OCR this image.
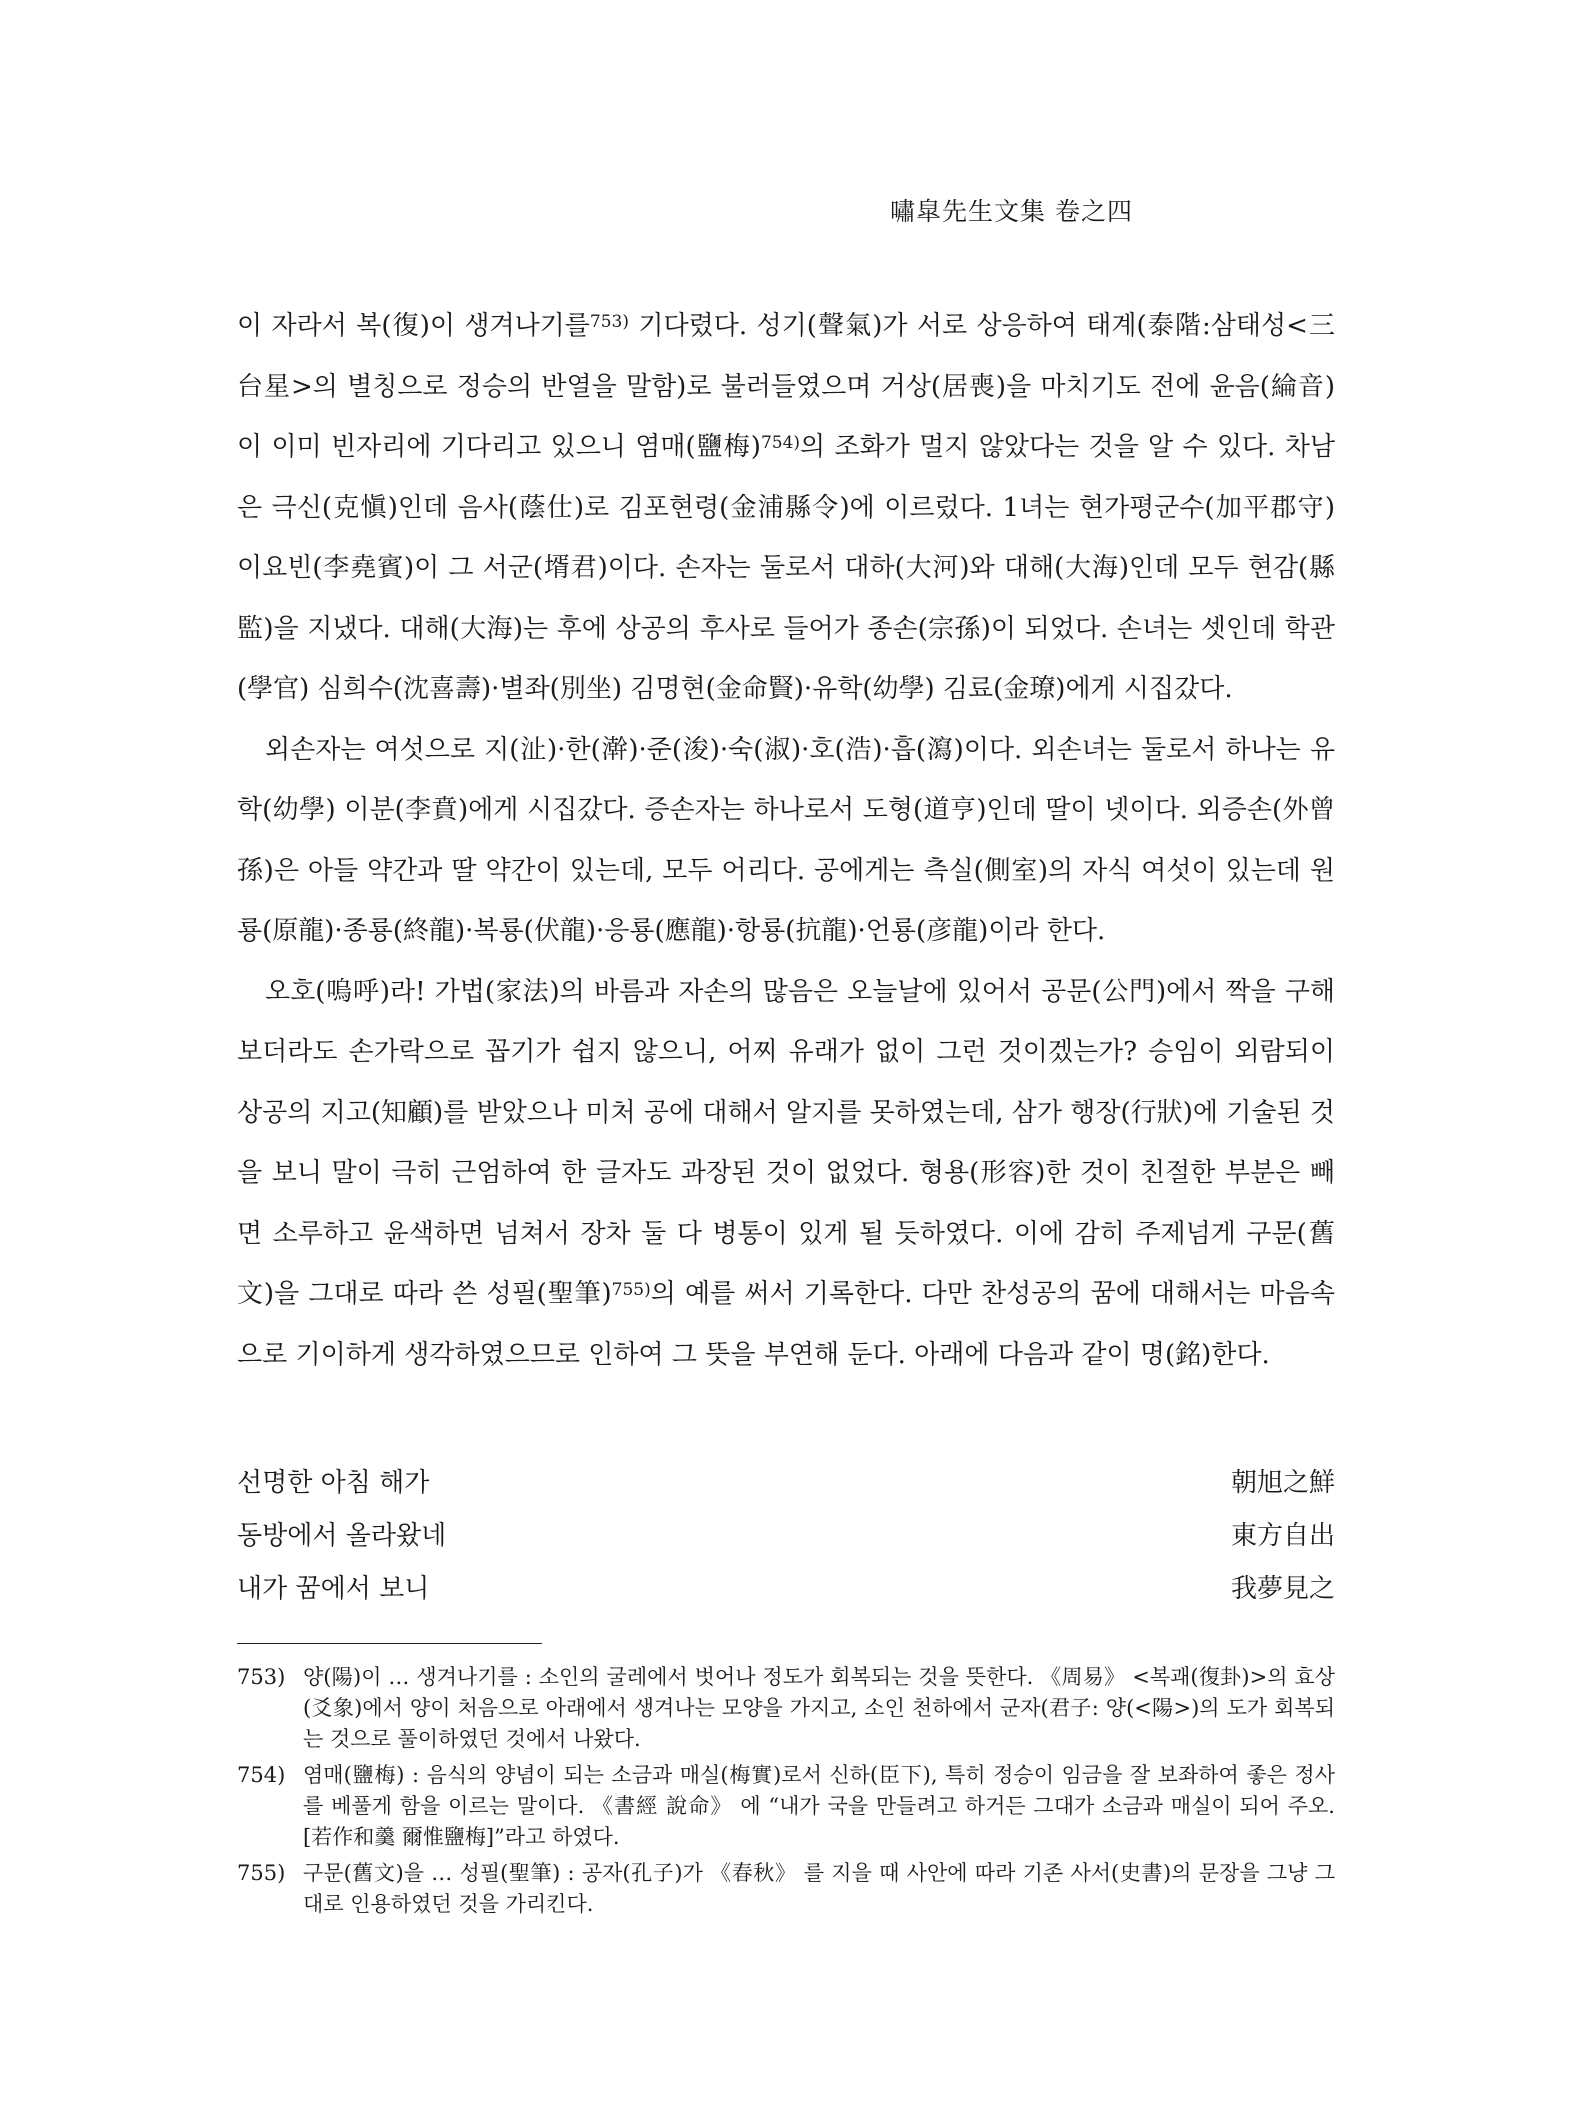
嘯皐先生文集 卷之四

이 자라서 복(復)이 생겨나기를$^{753)}$ 기다렸다. 성기(聲氣)가 서로 상응하여 태계(泰階:삼태성<三台星>의 별칭으로 정승의 반열을 말함)로 불러들였으며 거상(居喪)을 마치기도 전에 윤음(綸音)이 이미 빈자리에 기다리고 있으니 염매(鹽梅)$^{754)}$의 조화가 멀지 않았다는 것을 알 수 있다. 차남은 극신(克愼)인데 음사(蔭仕)로 김포현령(金浦縣令)에 이르렀다. 1녀는 현가평군수(加平郡守) 이요빈(李堯賓)이 그 서군(壻君)이다. 손자는 둘로서 대하(大河)와 대해(大海)인데 모두 현감(縣監)을 지냈다. 대해(大海)는 후에 상공의 후사로 들어가 종손(宗孫)이 되었다. 손녀는 셋인데 학관(學官) 심희수(沈喜壽)·별좌(別坐) 김명현(金命賢)·유학(幼學) 김료(金璙)에게 시집갔다.

외손자는 여섯으로 지(沚)·한(澣)·준(浚)·숙(淑)·호(浩)·흡(瀉)이다. 외손녀는 둘로서 하나는 유학(幼學) 이분(李賁)에게 시집갔다. 증손자는 하나로서 도형(道亨)인데 딸이 넷이다. 외증손(外曾孫)은 아들 약간과 딸 약간이 있는데, 모두 어리다. 공에게는 측실(側室)의 자식 여섯이 있는데 원룡(原龍)·종룡(終龍)·복룡(伏龍)·응룡(應龍)·항룡(抗龍)·언룡(彦龍)이라 한다.

오호(嗚呼)라! 가법(家法)의 바름과 자손의 많음은 오늘날에 있어서 공문(公門)에서 짝을 구해보더라도 손가락으로 꼽기가 쉽지 않으니, 어찌 유래가 없이 그런 것이겠는가? 승임이 외람되이 상공의 지고(知顧)를 받았으나 미처 공에 대해서 알지를 못하였는데, 삼가 행장(行狀)에 기술된 것을 보니 말이 극히 근엄하여 한 글자도 과장된 것이 없었다. 형용(形容)한 것이 친절한 부분은 빼면 소루하고 윤색하면 넘쳐서 장차 둘 다 병통이 있게 될 듯하였다. 이에 감히 주제넘게 구문(舊文)을 그대로 따라 쓴 성필(聖筆)$^{755)}$의 예를 써서 기록한다. 다만 찬성공의 꿈에 대해서는 마음속으로 기이하게 생각하였으므로 인하여 그 뜻을 부연해 둔다. 아래에 다음과 같이 명(銘)한다.

선명한 아침 해가	朝旭之鮮
동방에서 올라왔네	東方自出
내가 꿈에서 보니	我夢見之
753) 양(陽)이 … 생겨나기를 : 소인의 굴레에서 벗어나 정도가 회복되는 것을 뜻한다. 《周易》 <복괘(復卦)>의 효상(爻象)에서 양이 처음으로 아래에서 생겨나는 모양을 가지고, 소인 천하에서 군자(君子: 양(<陽>)의 도가 회복되는 것으로 풀이하였던 것에서 나왔다.
754) 염매(鹽梅) : 음식의 양념이 되는 소금과 매실(梅實)로서 신하(臣下), 특히 정승이 임금을 잘 보좌하여 좋은 정사를 베풀게 함을 이르는 말이다. 《書經 說命》 에 “내가 국을 만들려고 하거든 그대가 소금과 매실이 되어 주오.[若作和羹 爾惟鹽梅]”라고 하였다.
755) 구문(舊文)을 … 성필(聖筆) : 공자(孔子)가 《春秋》 를 지을 때 사안에 따라 기존 사서(史書)의 문장을 그냥 그대로 인용하였던 것을 가리킨다.
